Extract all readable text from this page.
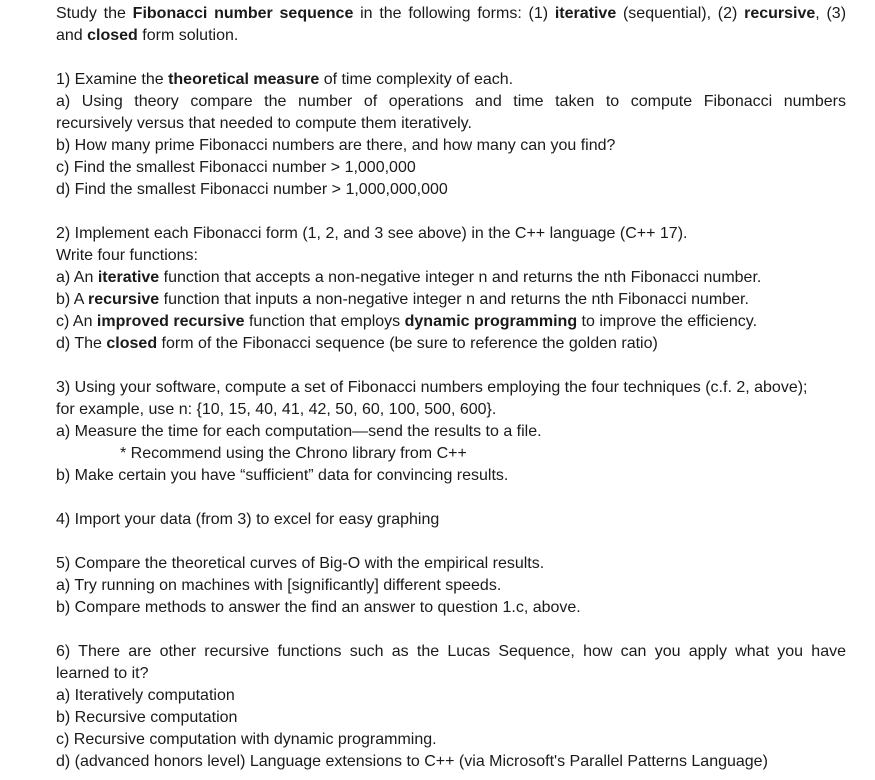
Study the Fibonacci number sequence in the following forms: (1) iterative (sequential), (2) recursive, (3)

and closed form solution.

1) Examine the theoretical measure of time complexity of each.

a) Using theory compare the number of operations and time taken to compute Fibonacci numbers

recursively versus that needed to compute them iteratively.

b) How many prime Fibonacci numbers are there, and how many can you find?

c) Find the smallest Fibonacci number > 1,000,000

d) Find the smallest Fibonacci number > 1,000,000,000

2) Implement each Fibonacci form (1, 2, and 3 see above) in the C++ language (C++ 17).

Write four functions:

a) An iterative function that accepts a non-negative integer n and returns the nth Fibonacci number.

b) A recursive function that inputs a non-negative integer n and returns the nth Fibonacci number.

c) An improved recursive function that employs dynamic programming to improve the efficiency.

d) The closed form of the Fibonacci sequence (be sure to reference the golden ratio)

3) Using your software, compute a set of Fibonacci numbers employing the four techniques (c.f. 2, above);

for example, use n: {10, 15, 40, 41, 42, 50, 60, 100, 500, 600}.

a) Measure the time for each computation—send the results to a file.

* Recommend using the Chrono library from C++

b) Make certain you have “sufficient” data for convincing results.

4) Import your data (from 3) to excel for easy graphing

5) Compare the theoretical curves of Big-O with the empirical results.

a) Try running on machines with [significantly] different speeds.

b) Compare methods to answer the find an answer to question 1.c, above.

6) There are other recursive functions such as the Lucas Sequence, how can you apply what you have

learned to it?

a) Iteratively computation

b) Recursive computation

c) Recursive computation with dynamic programming.

d) (advanced honors level) Language extensions to C++ (via Microsoft's Parallel Patterns Language)
